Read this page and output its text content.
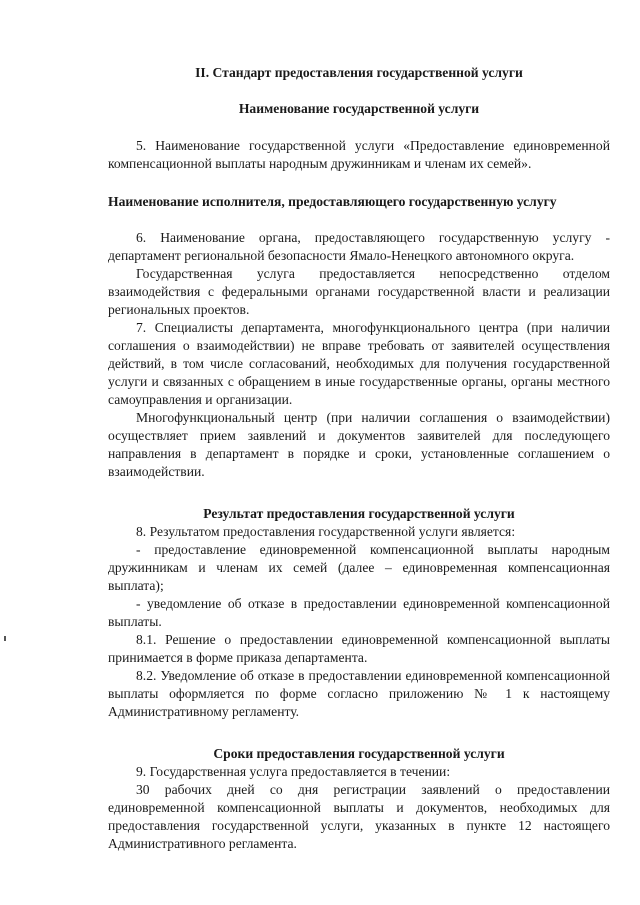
II. Стандарт предоставления государственной услуги

Наименование государственной услуги

5. Наименование государственной услуги «Предоставление единовременной компенсационной выплаты народным дружинникам и членам их семей».

Наименование исполнителя, предоставляющего государственную услугу

6. Наименование органа, предоставляющего государственную услугу - департамент региональной безопасности Ямало-Ненецкого автономного округа.

Государственная услуга предоставляется непосредственно отделом взаимодействия с федеральными органами государственной власти и реализации региональных проектов.

7. Специалисты департамента, многофункционального центра (при наличии соглашения о взаимодействии) не вправе требовать от заявителей осуществления действий, в том числе согласований, необходимых для получения государственной услуги и связанных с обращением в иные государственные органы, органы местного самоуправления и организации.

Многофункциональный центр (при наличии соглашения о взаимодействии) осуществляет прием заявлений и документов заявителей для последующего направления в департамент в порядке и сроки, установленные соглашением о взаимодействии.

Результат предоставления государственной услуги

8. Результатом предоставления государственной услуги является:

- предоставление единовременной компенсационной выплаты народным дружинникам и членам их семей (далее – единовременная компенсационная выплата);

- уведомление об отказе в предоставлении единовременной компенсационной выплаты.

8.1. Решение о предоставлении единовременной компенсационной выплаты принимается в форме приказа департамента.

8.2. Уведомление об отказе в предоставлении единовременной компенсационной выплаты оформляется по форме согласно приложению № 1 к настоящему Административному регламенту.

Сроки предоставления государственной услуги

9. Государственная услуга предоставляется в течении:

30 рабочих дней со дня регистрации заявлений о предоставлении единовременной компенсационной выплаты и документов, необходимых для предоставления государственной услуги, указанных в пункте 12 настоящего Административного регламента.
